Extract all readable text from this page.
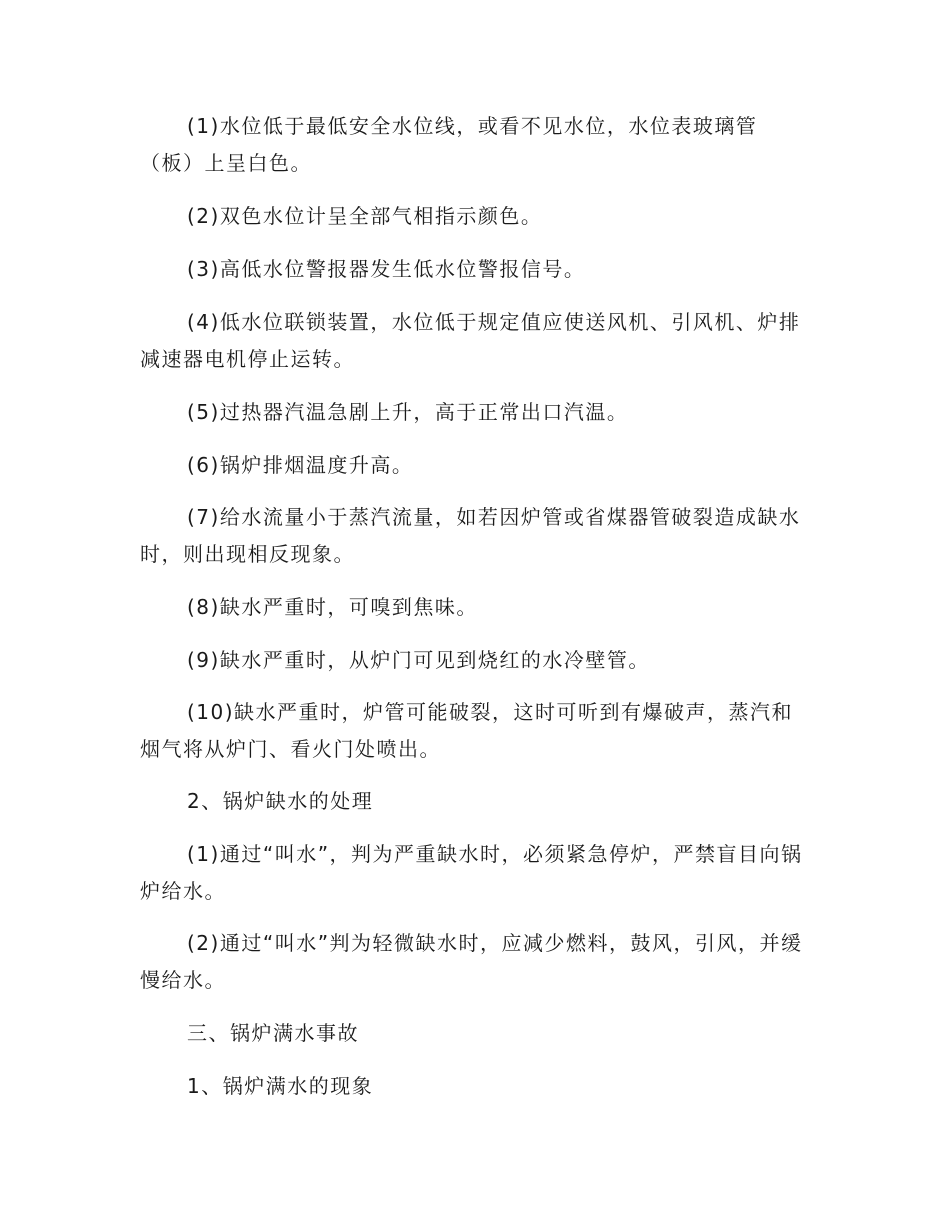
(1)水位低于最低安全水位线，或看不见水位，水位表玻璃管（板）上呈白色。

(2)双色水位计呈全部气相指示颜色。

(3)高低水位警报器发生低水位警报信号。

(4)低水位联锁装置，水位低于规定值应使送风机、引风机、炉排减速器电机停止运转。

(5)过热器汽温急剧上升，高于正常出口汽温。

(6)锅炉排烟温度升高。

(7)给水流量小于蒸汽流量，如若因炉管或省煤器管破裂造成缺水时，则出现相反现象。

(8)缺水严重时，可嗅到焦味。

(9)缺水严重时，从炉门可见到烧红的水冷壁管。

(10)缺水严重时，炉管可能破裂，这时可听到有爆破声，蒸汽和烟气将从炉门、看火门处喷出。

2、锅炉缺水的处理

(1)通过“叫水”，判为严重缺水时，必须紧急停炉，严禁盲目向锅炉给水。

(2)通过“叫水”判为轻微缺水时，应减少燃料，鼓风，引风，并缓慢给水。

三、锅炉满水事故

1、锅炉满水的现象
